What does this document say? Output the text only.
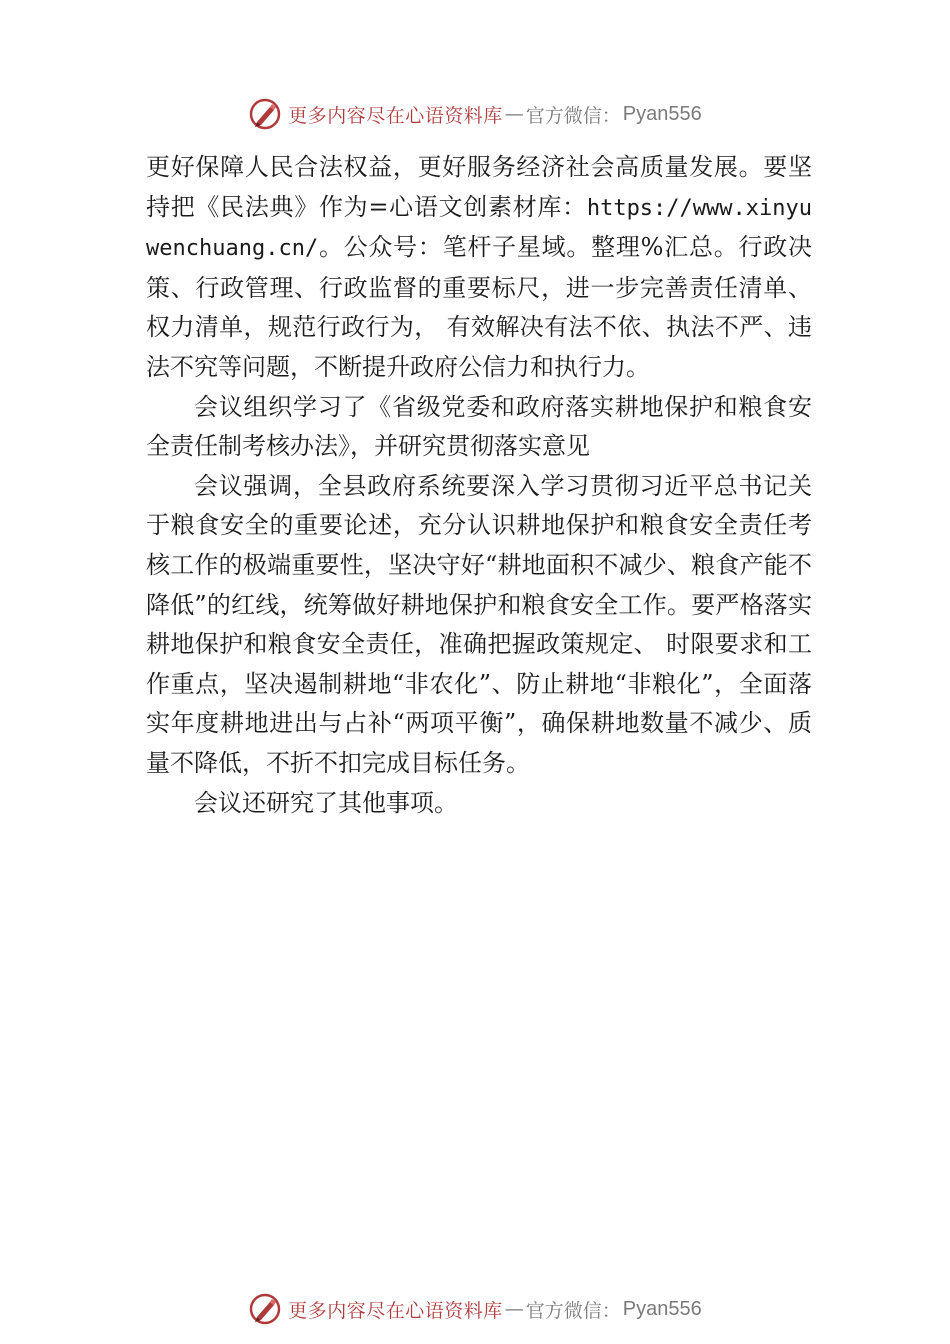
更多内容尽在心语资料库 — 官方微信： Pyan556

更好保障人民合法权益，更好服务经济社会高质量发展。要坚持把《民法典》作为=心语文创素材库：https://www.xinyuwenchuang.cn/。公众号：笔杆子星域。整理%汇总。行政决策、行政管理、行政监督的重要标尺，进一步完善责任清单、权力清单，规范行政行为， 有效解决有法不依、执法不严、违法不究等问题，不断提升政府公信力和执行力。

会议组织学习了《省级党委和政府落实耕地保护和粮食安全责任制考核办法》，并研究贯彻落实意见

会议强调，全县政府系统要深入学习贯彻习近平总书记关于粮食安全的重要论述，充分认识耕地保护和粮食安全责任考核工作的极端重要性，坚决守好“耕地面积不减少、粮食产能不降低”的红线，统筹做好耕地保护和粮食安全工作。要严格落实耕地保护和粮食安全责任，准确把握政策规定、 时限要求和工作重点，坚决遏制耕地“非农化”、防止耕地“非粮化”，全面落实年度耕地进出与占补“两项平衡”，确保耕地数量不减少、质量不降低，不折不扣完成目标任务。

会议还研究了其他事项。

更多内容尽在心语资料库 — 官方微信： Pyan556
